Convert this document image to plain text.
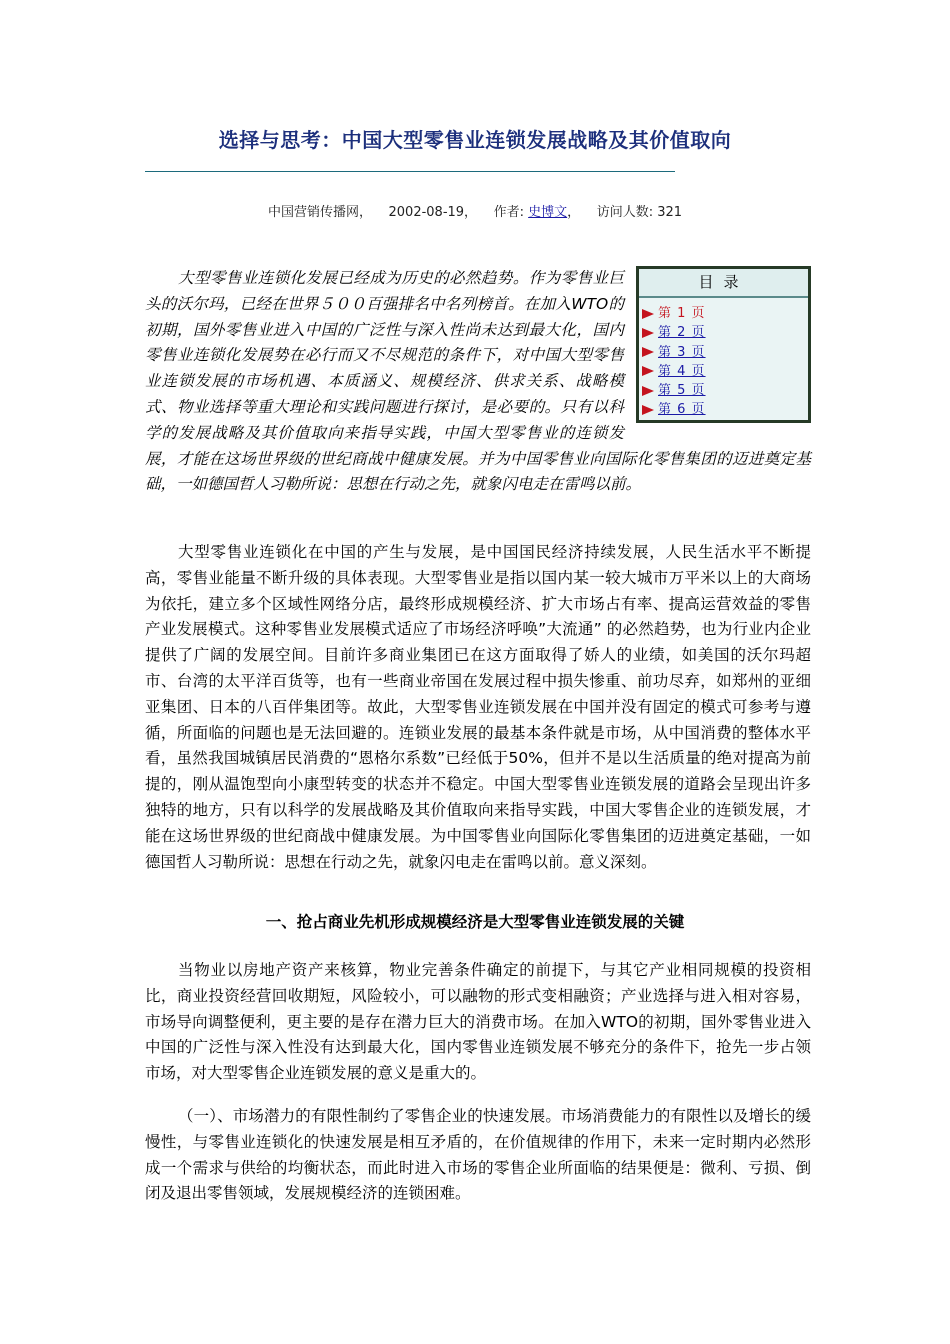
选择与思考：中国大型零售业连锁发展战略及其价值取向
中国营销传播网， 2002-08-19， 作者: 史博文， 访问人数: 321
目录
第 1 页
第 2 页
第 3 页
第 4 页
第 5 页
第 6 页
大型零售业连锁化发展已经成为历史的必然趋势。作为零售业巨头的沃尔玛，已经在世界５００百强排名中名列榜首。在加入WTO的初期，国外零售业进入中国的广泛性与深入性尚未达到最大化，国内零售业连锁化发展势在必行而又不尽规范的条件下，对中国大型零售业连锁发展的市场机遇、本质涵义、规模经济、供求关系、战略模式、物业选择等重大理论和实践问题进行探讨，是必要的。只有以科学的发展战略及其价值取向来指导实践，中国大型零售业的连锁发展，才能在这场世界级的世纪商战中健康发展。并为中国零售业向国际化零售集团的迈进奠定基础，一如德国哲人习勒所说：思想在行动之先，就象闪电走在雷鸣以前。

大型零售业连锁化在中国的产生与发展，是中国国民经济持续发展，人民生活水平不断提高，零售业能量不断升级的具体表现。大型零售业是指以国内某一较大城市万平米以上的大商场为依托，建立多个区域性网络分店，最终形成规模经济、扩大市场占有率、提高运营效益的零售产业发展模式。这种零售业发展模式适应了市场经济呼唤”大流通” 的必然趋势，也为行业内企业提供了广阔的发展空间。目前许多商业集团已在这方面取得了娇人的业绩，如美国的沃尔玛超市、台湾的太平洋百货等，也有一些商业帝国在发展过程中损失惨重、前功尽弃，如郑州的亚细亚集团、日本的八百伴集团等。故此，大型零售业连锁发展在中国并没有固定的模式可参考与遵循，所面临的问题也是无法回避的。连锁业发展的最基本条件就是市场，从中国消费的整体水平看，虽然我国城镇居民消费的“恩格尔系数”已经低于50%，但并不是以生活质量的绝对提高为前提的，刚从温饱型向小康型转变的状态并不稳定。中国大型零售业连锁发展的道路会呈现出许多独特的地方，只有以科学的发展战略及其价值取向来指导实践，中国大零售企业的连锁发展，才能在这场世界级的世纪商战中健康发展。为中国零售业向国际化零售集团的迈进奠定基础，一如德国哲人习勒所说：思想在行动之先，就象闪电走在雷鸣以前。意义深刻。

一、抢占商业先机形成规模经济是大型零售业连锁发展的关键

当物业以房地产资产来核算，物业完善条件确定的前提下，与其它产业相同规模的投资相比，商业投资经营回收期短，风险较小，可以融物的形式变相融资；产业选择与进入相对容易，市场导向调整便利，更主要的是存在潜力巨大的消费市场。在加入WTO的初期，国外零售业进入中国的广泛性与深入性没有达到最大化，国内零售业连锁发展不够充分的条件下，抢先一步占领市场，对大型零售企业连锁发展的意义是重大的。

（一）、市场潜力的有限性制约了零售企业的快速发展。市场消费能力的有限性以及增长的缓慢性，与零售业连锁化的快速发展是相互矛盾的，在价值规律的作用下，未来一定时期内必然形成一个需求与供给的均衡状态，而此时进入市场的零售企业所面临的结果便是：微利、亏损、倒闭及退出零售领域，发展规模经济的连锁困难。
